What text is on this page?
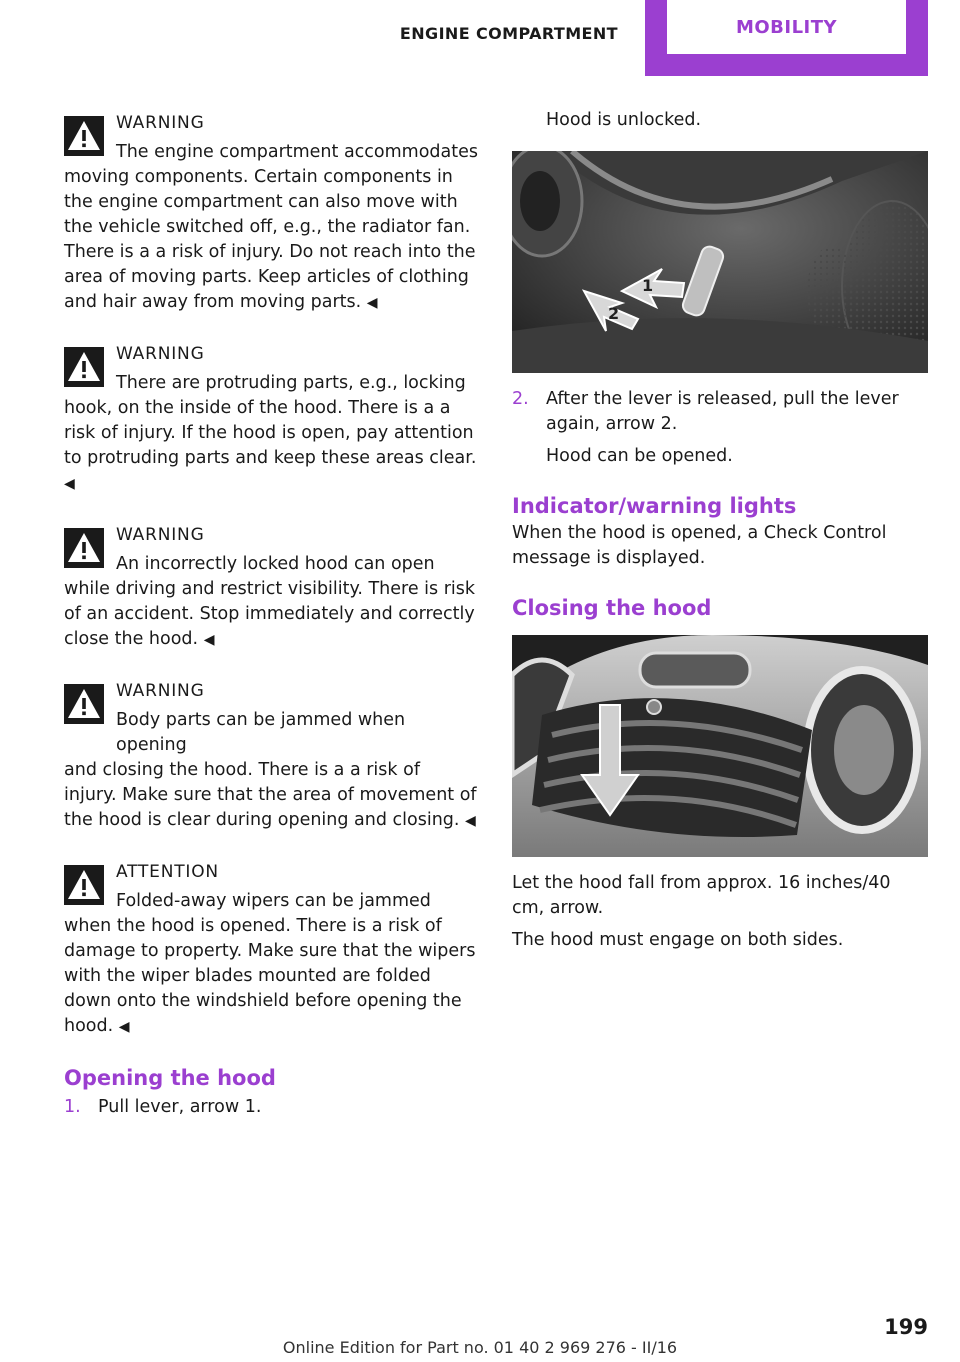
ENGINE COMPARTMENT	MOBILITY
WARNING
The engine compartment accommodates
moving components. Certain components in the engine compartment can also move with the vehicle switched off, e.g., the radiator fan. There is a a risk of injury. Do not reach into the area of moving parts. Keep articles of clothing and hair away from moving parts. ◀
WARNING
There are protruding parts, e.g., locking
hook, on the inside of the hood. There is a a risk of injury. If the hood is open, pay attention to protruding parts and keep these areas clear. ◀
WARNING
An incorrectly locked hood can open
while driving and restrict visibility. There is risk of an accident. Stop immediately and correctly close the hood. ◀
WARNING
Body parts can be jammed when opening
and closing the hood. There is a a risk of injury. Make sure that the area of movement of the hood is clear during opening and closing. ◀
ATTENTION
Folded-away wipers can be jammed
when the hood is opened. There is a risk of damage to property. Make sure that the wipers with the wiper blades mounted are folded down onto the windshield before opening the hood. ◀
Opening the hood
1. Pull lever, arrow 1.

Hood is unlocked.

1
2
2. After the lever is released, pull the lever again, arrow 2.

Hood can be opened.

Indicator/warning lights

When the hood is opened, a Check Control message is displayed.

Closing the hood

Let the hood fall from approx. 16 inches/40 cm, arrow.

The hood must engage on both sides.

199
Online Edition for Part no. 01 40 2 969 276 - II/16
